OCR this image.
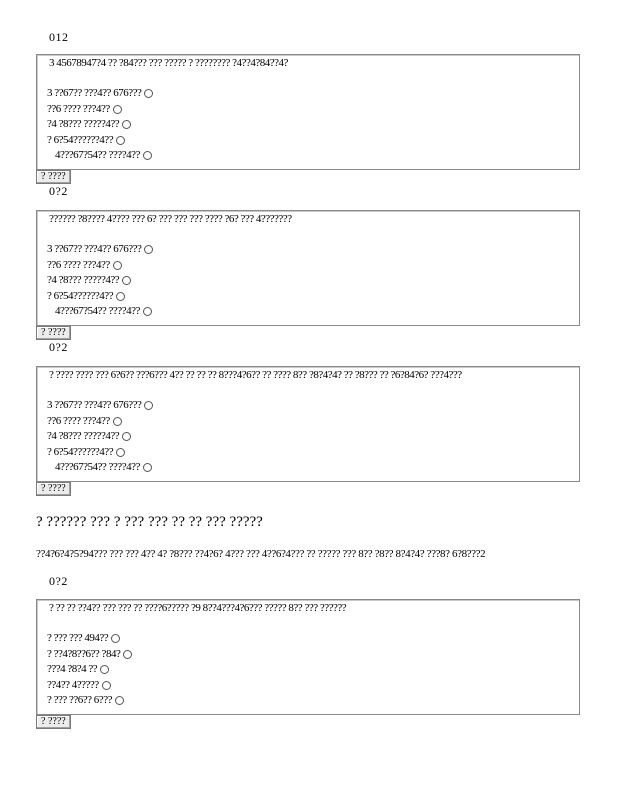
012
3 45678947?4 ?? ?84??? ??? ????? ? ???????? ?4??4?84??4?
3 ??67?? ???4?? 676???
??6 ???? ???4??
?4 ?8??? ?????4??
? 6?54??????4??
4???67?54?? ????4??
? ????
0?2
?????? ?8???? 4???? ??? 6? ??? ??? ??? ???? ?6? ??? 4???????
3 ??67?? ???4?? 676???
??6 ???? ???4??
?4 ?8??? ?????4??
? 6?54??????4??
4???67?54?? ????4??
? ????
0?2
? ???? ???? ??? 6?6?? ???6??? 4?? ?? ?? ?? 8???4?6?? ?? ???? 8?? ?8?4?4? ?? ?8??? ?? ?6?84?6? ???4???
3 ??67?? ???4?? 676???
??6 ???? ???4??
?4 ?8??? ?????4??
? 6?54??????4??
4???67?54?? ????4??
? ????
? ?????? ??? ? ??? ??? ?? ?? ??? ?????
??4?6?4?5?94??? ??? ??? 4?? 4? ?8??? ??4?6? 4??? ??? 4??6?4??? ?? ????? ??? 8?? ?8?? 8?4?4? ???8? 6?8???2
0?2
? ?? ?? ??4?? ??? ??? ?? ????6????? ?9 8??4???4?6??? ????? 8?? ??? ??????
? ??? ??? 494??
? ??4?8??6?? ?84?
???4 ?8?4 ??
??4?? 4?????
? ??? ??6?? 6???
? ????
